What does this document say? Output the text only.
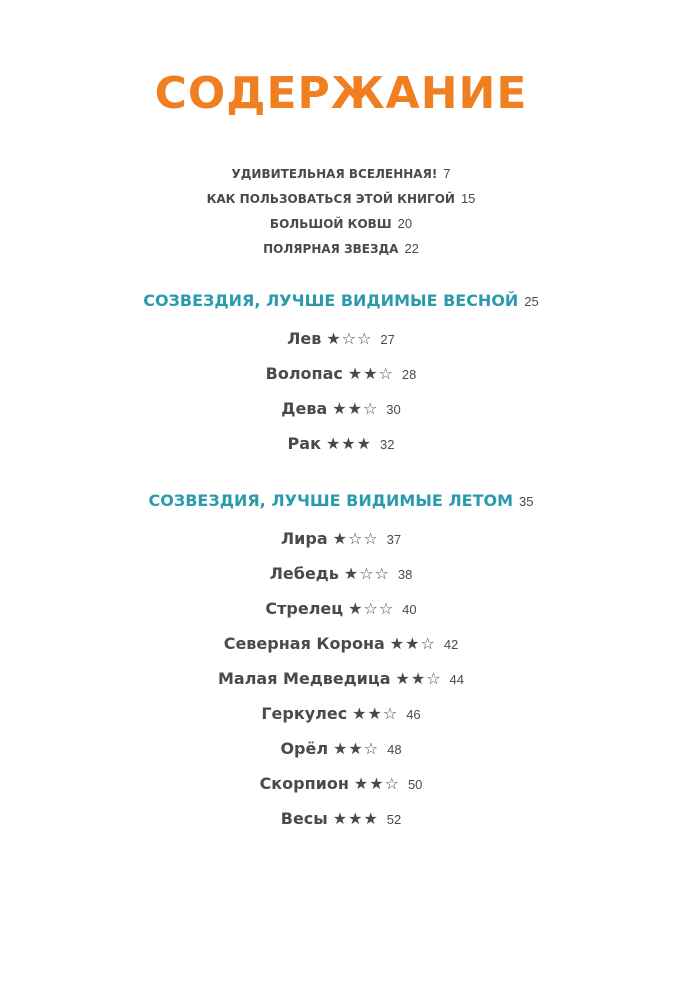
СОДЕРЖАНИЕ
УДИВИТЕЛЬНАЯ ВСЕЛЕННАЯ! 7
КАК ПОЛЬЗОВАТЬСЯ ЭТОЙ КНИГОЙ 15
БОЛЬШОЙ КОВШ 20
ПОЛЯРНАЯ ЗВЕЗДА 22
СОЗВЕЗДИЯ, ЛУЧШЕ ВИДИМЫЕ ВЕСНОЙ 25
Лев ★☆☆ 27
Волопас ★★☆ 28
Дева ★★☆ 30
Рак ★★★ 32
СОЗВЕЗДИЯ, ЛУЧШЕ ВИДИМЫЕ ЛЕТОМ 35
Лира ★☆☆ 37
Лебедь ★☆☆ 38
Стрелец ★☆☆ 40
Северная Корона ★★☆ 42
Малая Медведица ★★☆ 44
Геркулес ★★☆ 46
Орёл ★★☆ 48
Скорпион ★★☆ 50
Весы ★★★ 52
